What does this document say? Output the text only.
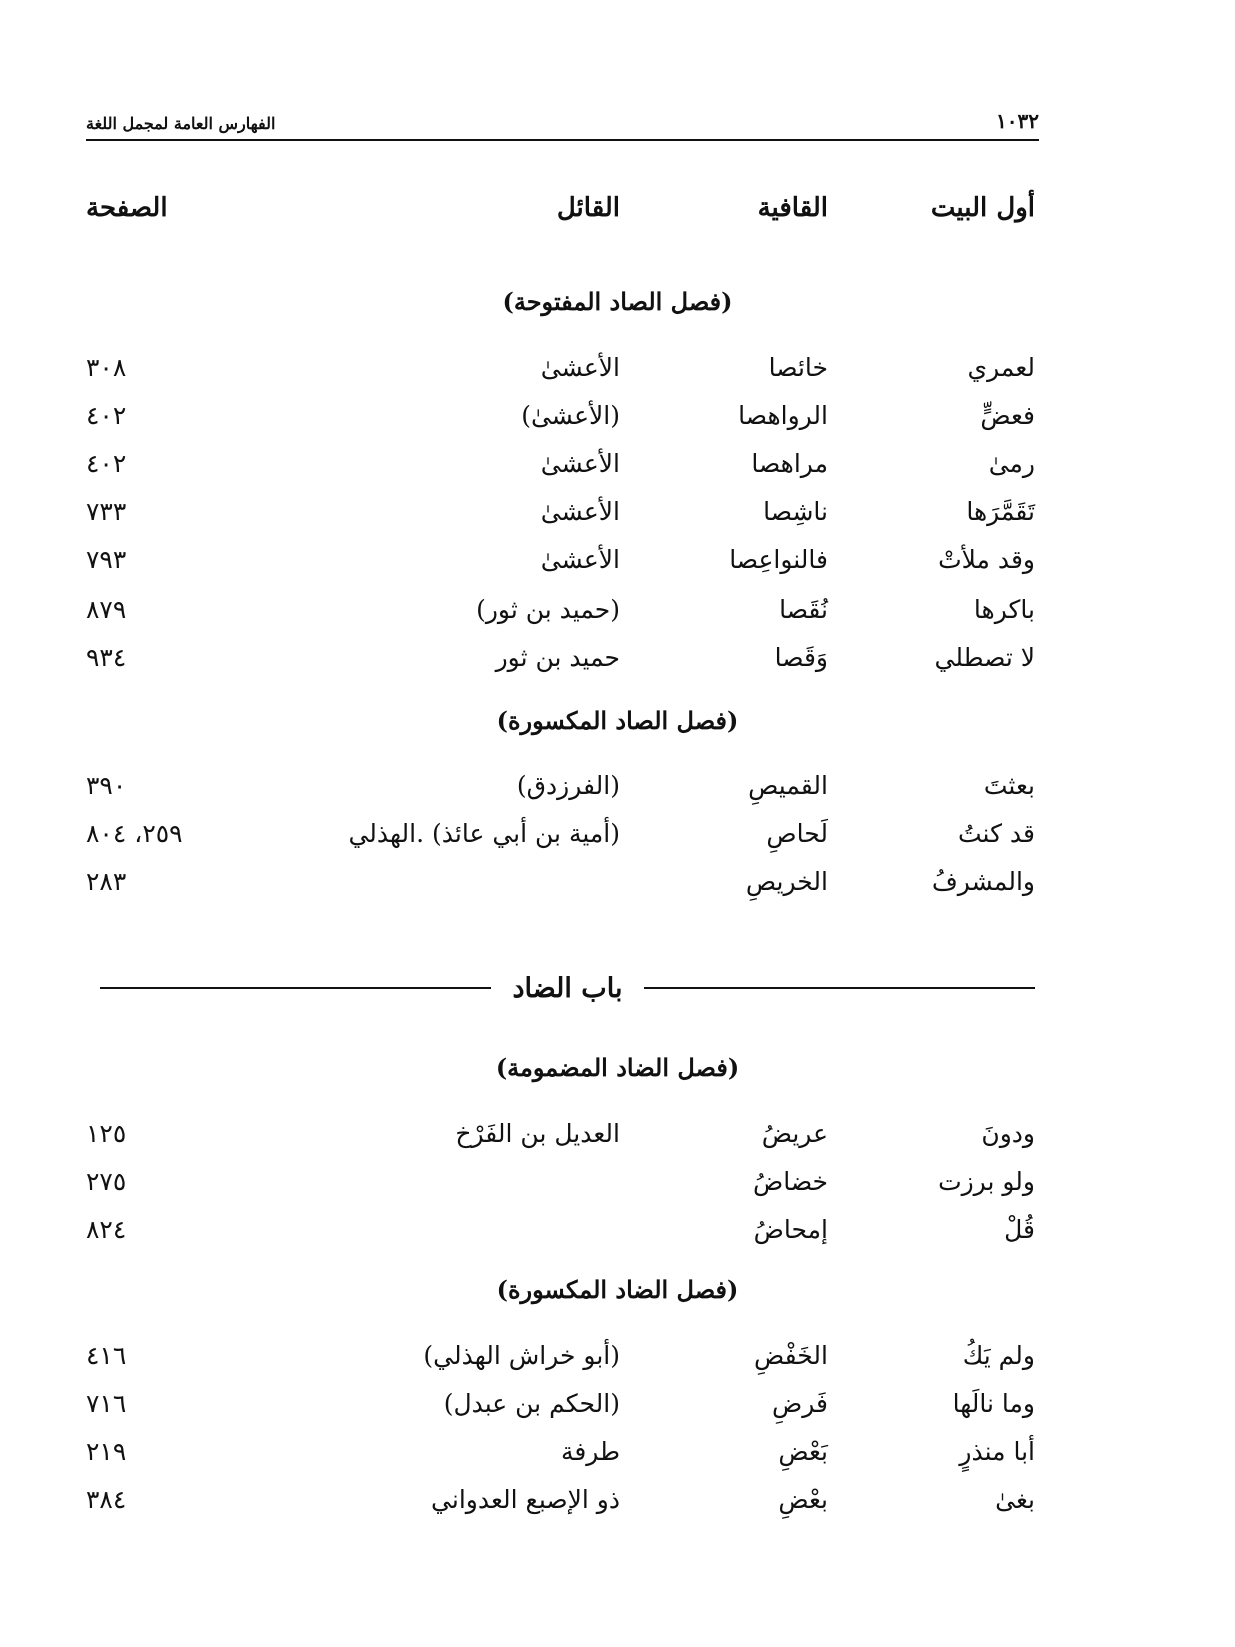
١٠٣٢
الفهارس العامة لمجمل اللغة
أول البيت
القافية
القائل
الصفحة
(فصل الصاد المفتوحة)
لعمري
خائصا
الأعشىٰ
٣٠٨
فعضٍّ
الرواهصا
(الأعشىٰ)
٤٠٢
رمىٰ
مراهصا
الأعشىٰ
٤٠٢
تَقَمَّرَها
ناشِصا
الأعشىٰ
٧٣٣
وقد ملأتْ
فالنواعِصا
الأعشىٰ
٧٩٣
باكرها
نُقَصا
(حميد بن ثور)
٨٧٩
لا تصطلي
وَقَصا
حميد بن ثور
٩٣٤
(فصل الصاد المكسورة)
بعثتَ
القميصِ
(الفرزدق)
٣٩٠
قد كنتُ
لَحاصِ
(أمية بن أبي عائذ) .الهذلي
٢٥٩، ٨٠٤
والمشرفُ
الخريصِ
٢٨٣
باب الضاد
(فصل الضاد المضمومة)
ودونَ
عريضُ
العديل بن الفَرْخ
١٢٥
ولو برزت
خضاضُ
٢٧٥
قُلْ
إمحاضُ
٨٢٤
(فصل الضاد المكسورة)
ولم يَكُ
الخَفْضِ
(أبو خراش الهذلي)
٤١٦
وما نالَها
فَرضِ
(الحكم بن عبدل)
٧١٦
أبا منذرٍ
بَعْضِ
طرفة
٢١٩
بغىٰ
بعْضِ
ذو الإصبع العدواني
٣٨٤
